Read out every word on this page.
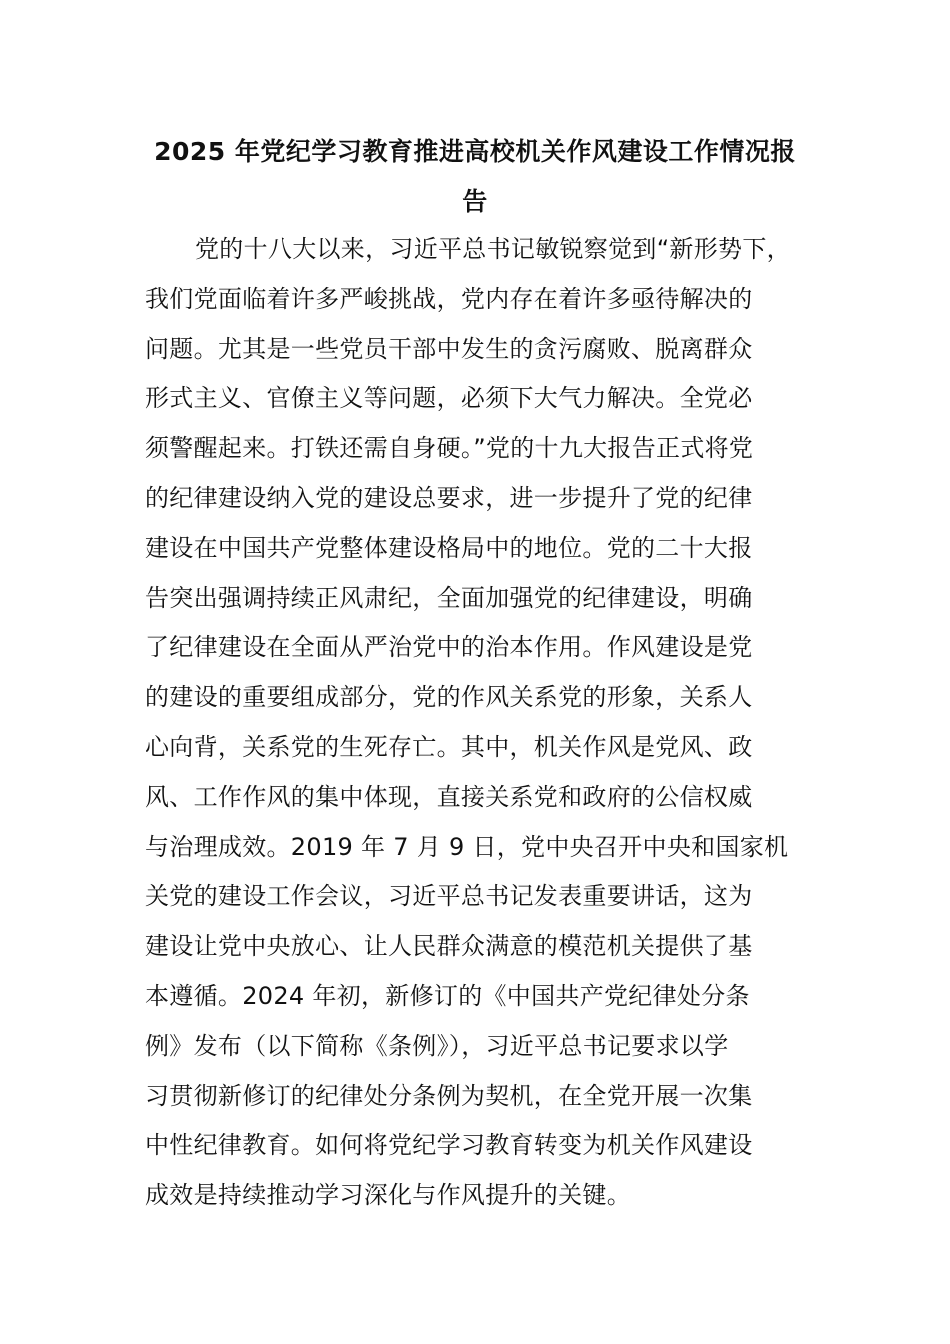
2025 年党纪学习教育推进高校机关作风建设工作情况报
告
党的十八大以来，习近平总书记敏锐察觉到“新形势下，
我们党面临着许多严峻挑战，党内存在着许多亟待解决的
问题。尤其是一些党员干部中发生的贪污腐败、脱离群众
形式主义、官僚主义等问题，必须下大气力解决。全党必
须警醒起来。打铁还需自身硬。”党的十九大报告正式将党
的纪律建设纳入党的建设总要求，进一步提升了党的纪律
建设在中国共产党整体建设格局中的地位。党的二十大报
告突出强调持续正风肃纪，全面加强党的纪律建设，明确
了纪律建设在全面从严治党中的治本作用。作风建设是党
的建设的重要组成部分，党的作风关系党的形象，关系人
心向背，关系党的生死存亡。其中，机关作风是党风、政
风、工作作风的集中体现，直接关系党和政府的公信权威
与治理成效。2019 年 7 月 9 日，党中央召开中央和国家机
关党的建设工作会议，习近平总书记发表重要讲话，这为
建设让党中央放心、让人民群众满意的模范机关提供了基
本遵循。2024 年初，新修订的《中国共产党纪律处分条
例》发布（以下简称《条例》），习近平总书记要求以学
习贯彻新修订的纪律处分条例为契机，在全党开展一次集
中性纪律教育。如何将党纪学习教育转变为机关作风建设
成效是持续推动学习深化与作风提升的关键。
